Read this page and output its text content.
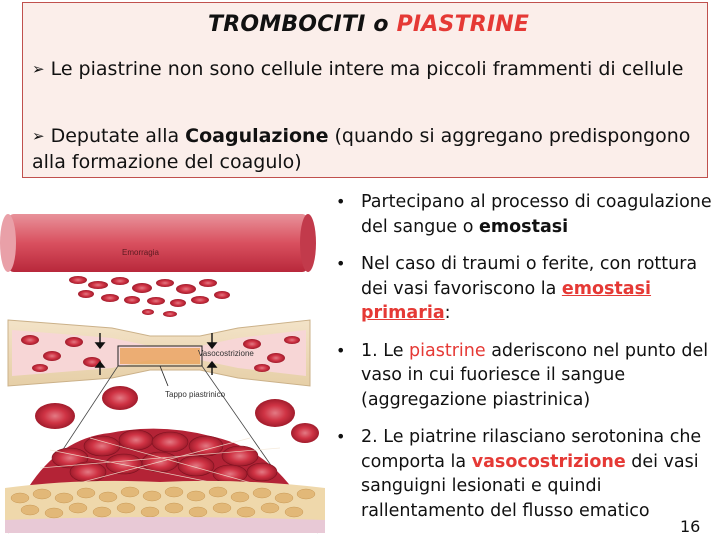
TROMBOCITI o PIASTRINE
➢ Le piastrine non sono cellule intere ma piccoli frammenti di cellule
➢ Deputate alla Coagulazione (quando si aggregano predispongono alla formazione del coagulo)
Emorragia
Vasocostrizione
Tappo piastrinico
• Partecipano al processo di coagulazione del sangue o emostasi
• Nel caso di traumi o ferite, con rottura dei vasi favoriscono la emostasi primaria:
• 1. Le piastrine aderiscono nel punto del vaso in cui fuoriesce il sangue (aggregazione piastrinica)
• 2. Le piatrine rilasciano serotonina che comporta la vasocostrizione dei vasi sanguigni lesionati e quindi rallentamento del flusso ematico
16
